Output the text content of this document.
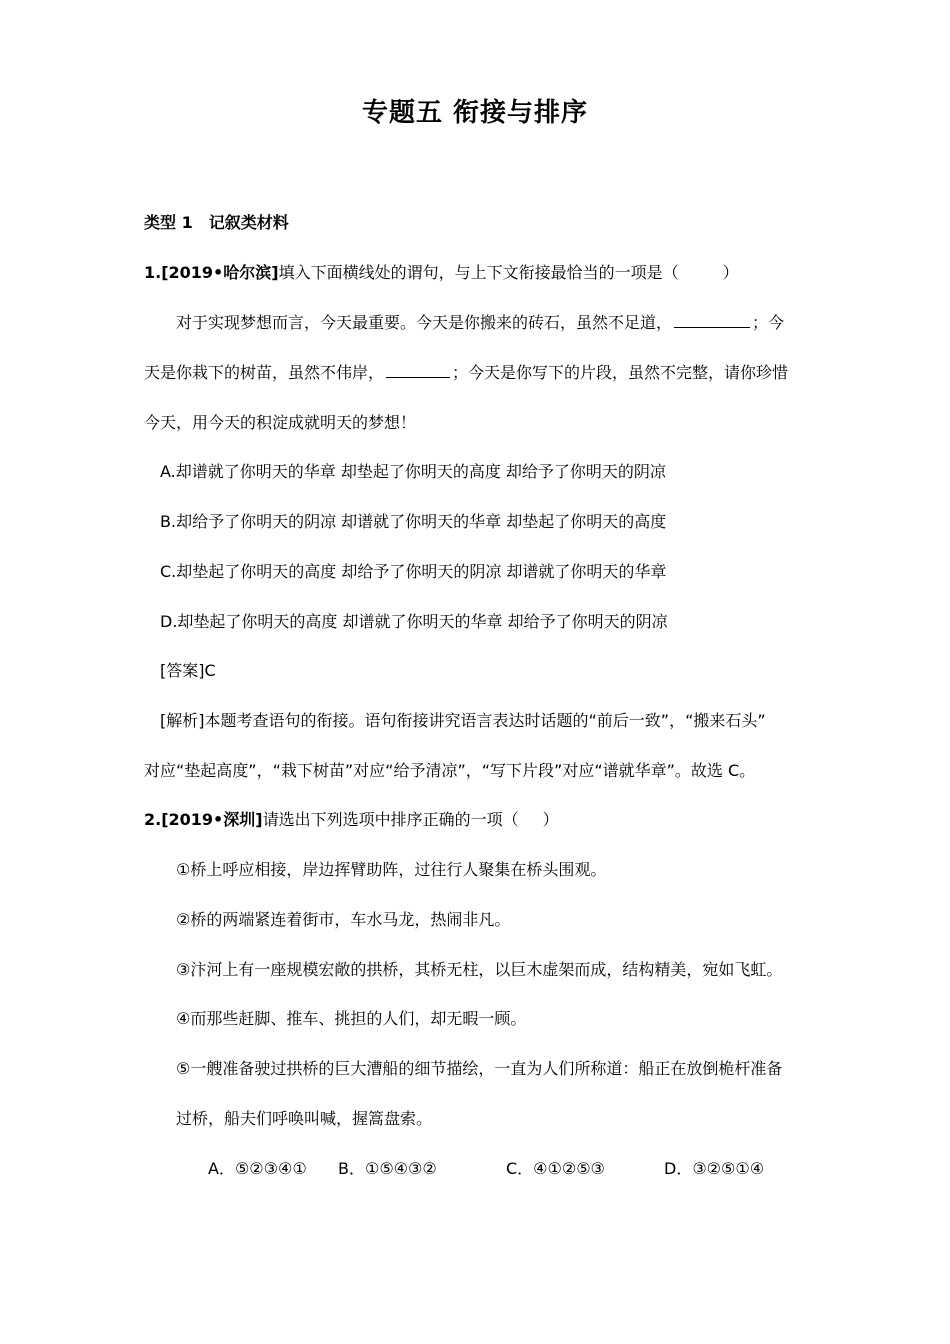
专题五 衔接与排序
类型 1　记叙类材料
1.[2019•哈尔滨]填入下面横线处的谓句，与上下文衔接最恰当的一项是（	）
对于实现梦想而言，今天最重要。今天是你搬来的砖石，虽然不足道，	；今
天是你栽下的树苗，虽然不伟岸，	；今天是你写下的片段，虽然不完整，请你珍惜
今天，用今天的积淀成就明天的梦想！
A.却谱就了你明天的华章 却垫起了你明天的高度 却给予了你明天的阴凉
B.却给予了你明天的阴凉 却谱就了你明天的华章 却垫起了你明天的高度
C.却垫起了你明天的高度 却给予了你明天的阴凉 却谱就了你明天的华章
D.却垫起了你明天的高度 却谱就了你明天的华章 却给予了你明天的阴凉
[答案]C
[解析]本题考查语句的衔接。语句衔接讲究语言表达时话题的“前后一致”，“搬来石头”
对应“垫起高度”，“栽下树苗”对应“给予清凉”，“写下片段”对应“谱就华章”。故选 C。
2.[2019•深圳]请选出下列选项中排序正确的一项（ ）
①桥上呼应相接，岸边挥臂助阵，过往行人聚集在桥头围观。
②桥的两端紧连着街市，车水马龙，热闹非凡。
③汴河上有一座规模宏敞的拱桥，其桥无柱，以巨木虚架而成，结构精美，宛如飞虹。
④而那些赶脚、推车、挑担的人们，却无暇一顾。
⑤一艘准备驶过拱桥的巨大漕船的细节描绘，一直为人们所称道：船正在放倒桅杆准备
过桥，船夫们呼唤叫喊，握篙盘索。
A．⑤②③④① B．①⑤④③②	C．④①②⑤③	D．③②⑤①④
